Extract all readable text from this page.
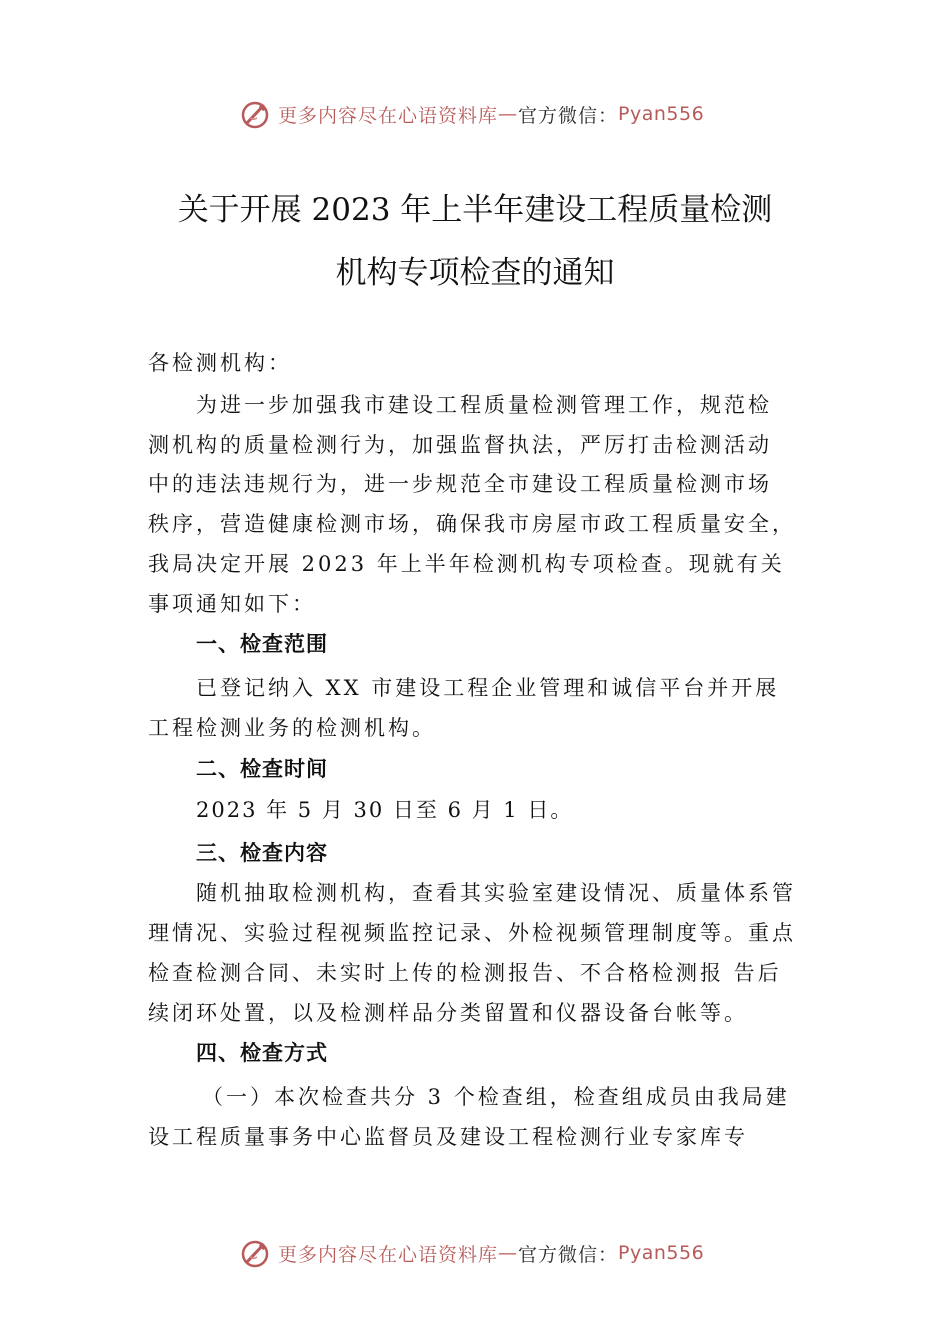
更多内容尽在心语资料库 — 官方微信： Pyan556
关于开展 2023 年上半年建设工程质量检测
机构专项检查的通知
各检测机构：
为进一步加强我市建设工程质量检测管理工作，规范检
测机构的质量检测行为，加强监督执法，严厉打击检测活动
中的违法违规行为，进一步规范全市建设工程质量检测市场
秩序，营造健康检测市场，确保我市房屋市政工程质量安全，
我局决定开展 2023 年上半年检测机构专项检查。现就有关
事项通知如下：
一、检查范围
已登记纳入 XX 市建设工程企业管理和诚信平台并开展
工程检测业务的检测机构。
二、检查时间
2023 年 5 月 30 日至 6 月 1 日。
三、检查内容
随机抽取检测机构，查看其实验室建设情况、质量体系管
理情况、实验过程视频监控记录、外检视频管理制度等。重点
检查检测合同、未实时上传的检测报告、不合格检测报 告后
续闭环处置，以及检测样品分类留置和仪器设备台帐等。
四、检查方式
（一）本次检查共分 3 个检查组，检查组成员由我局建
设工程质量事务中心监督员及建设工程检测行业专家库专
更多内容尽在心语资料库 — 官方微信： Pyan556
